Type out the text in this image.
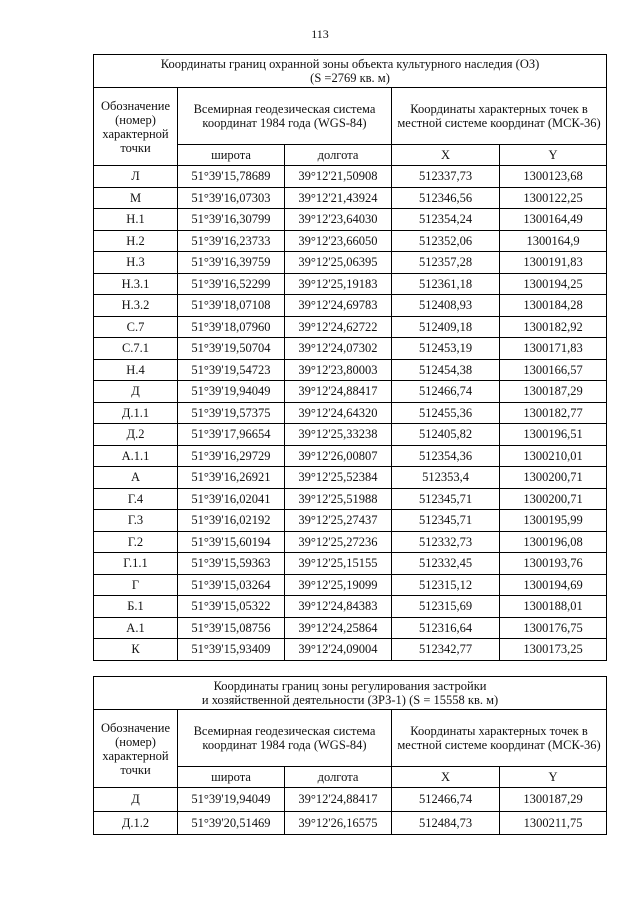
113
Координаты границ охранной зоны объекта культурного наследия (ОЗ)
(S =2769 кв. м)				

Обозначение (номер) характерной точки	Всемирная геодезическая система координат 1984 года (WGS-84)		Координаты характерных точек в местной системе координат (МСК-36)	
	широта	долгота	X	Y
Л	51°39'15,78689	39°12'21,50908	512337,73	1300123,68
М	51°39'16,07303	39°12'21,43924	512346,56	1300122,25
Н.1	51°39'16,30799	39°12'23,64030	512354,24	1300164,49
Н.2	51°39'16,23733	39°12'23,66050	512352,06	1300164,9
Н.3	51°39'16,39759	39°12'25,06395	512357,28	1300191,83
Н.3.1	51°39'16,52299	39°12'25,19183	512361,18	1300194,25
Н.3.2	51°39'18,07108	39°12'24,69783	512408,93	1300184,28
С.7	51°39'18,07960	39°12'24,62722	512409,18	1300182,92
С.7.1	51°39'19,50704	39°12'24,07302	512453,19	1300171,83
Н.4	51°39'19,54723	39°12'23,80003	512454,38	1300166,57
Д	51°39'19,94049	39°12'24,88417	512466,74	1300187,29
Д.1.1	51°39'19,57375	39°12'24,64320	512455,36	1300182,77
Д.2	51°39'17,96654	39°12'25,33238	512405,82	1300196,51
А.1.1	51°39'16,29729	39°12'26,00807	512354,36	1300210,01
А	51°39'16,26921	39°12'25,52384	512353,4	1300200,71
Г.4	51°39'16,02041	39°12'25,51988	512345,71	1300200,71
Г.3	51°39'16,02192	39°12'25,27437	512345,71	1300195,99
Г.2	51°39'15,60194	39°12'25,27236	512332,73	1300196,08
Г.1.1	51°39'15,59363	39°12'25,15155	512332,45	1300193,76
Г	51°39'15,03264	39°12'25,19099	512315,12	1300194,69
Б.1	51°39'15,05322	39°12'24,84383	512315,69	1300188,01
А.1	51°39'15,08756	39°12'24,25864	512316,64	1300176,75
К	51°39'15,93409	39°12'24,09004	512342,77	1300173,25
Координаты границ зоны регулирования застройки
и хозяйственной деятельности (ЗРЗ-1) (S = 15558 кв. м)				

Обозначение (номер) характерной точки	Всемирная геодезическая система координат 1984 года (WGS-84)		Координаты характерных точек в местной системе координат (МСК-36)	
	широта	долгота	X	Y
Д	51°39'19,94049	39°12'24,88417	512466,74	1300187,29
Д.1.2	51°39'20,51469	39°12'26,16575	512484,73	1300211,75
